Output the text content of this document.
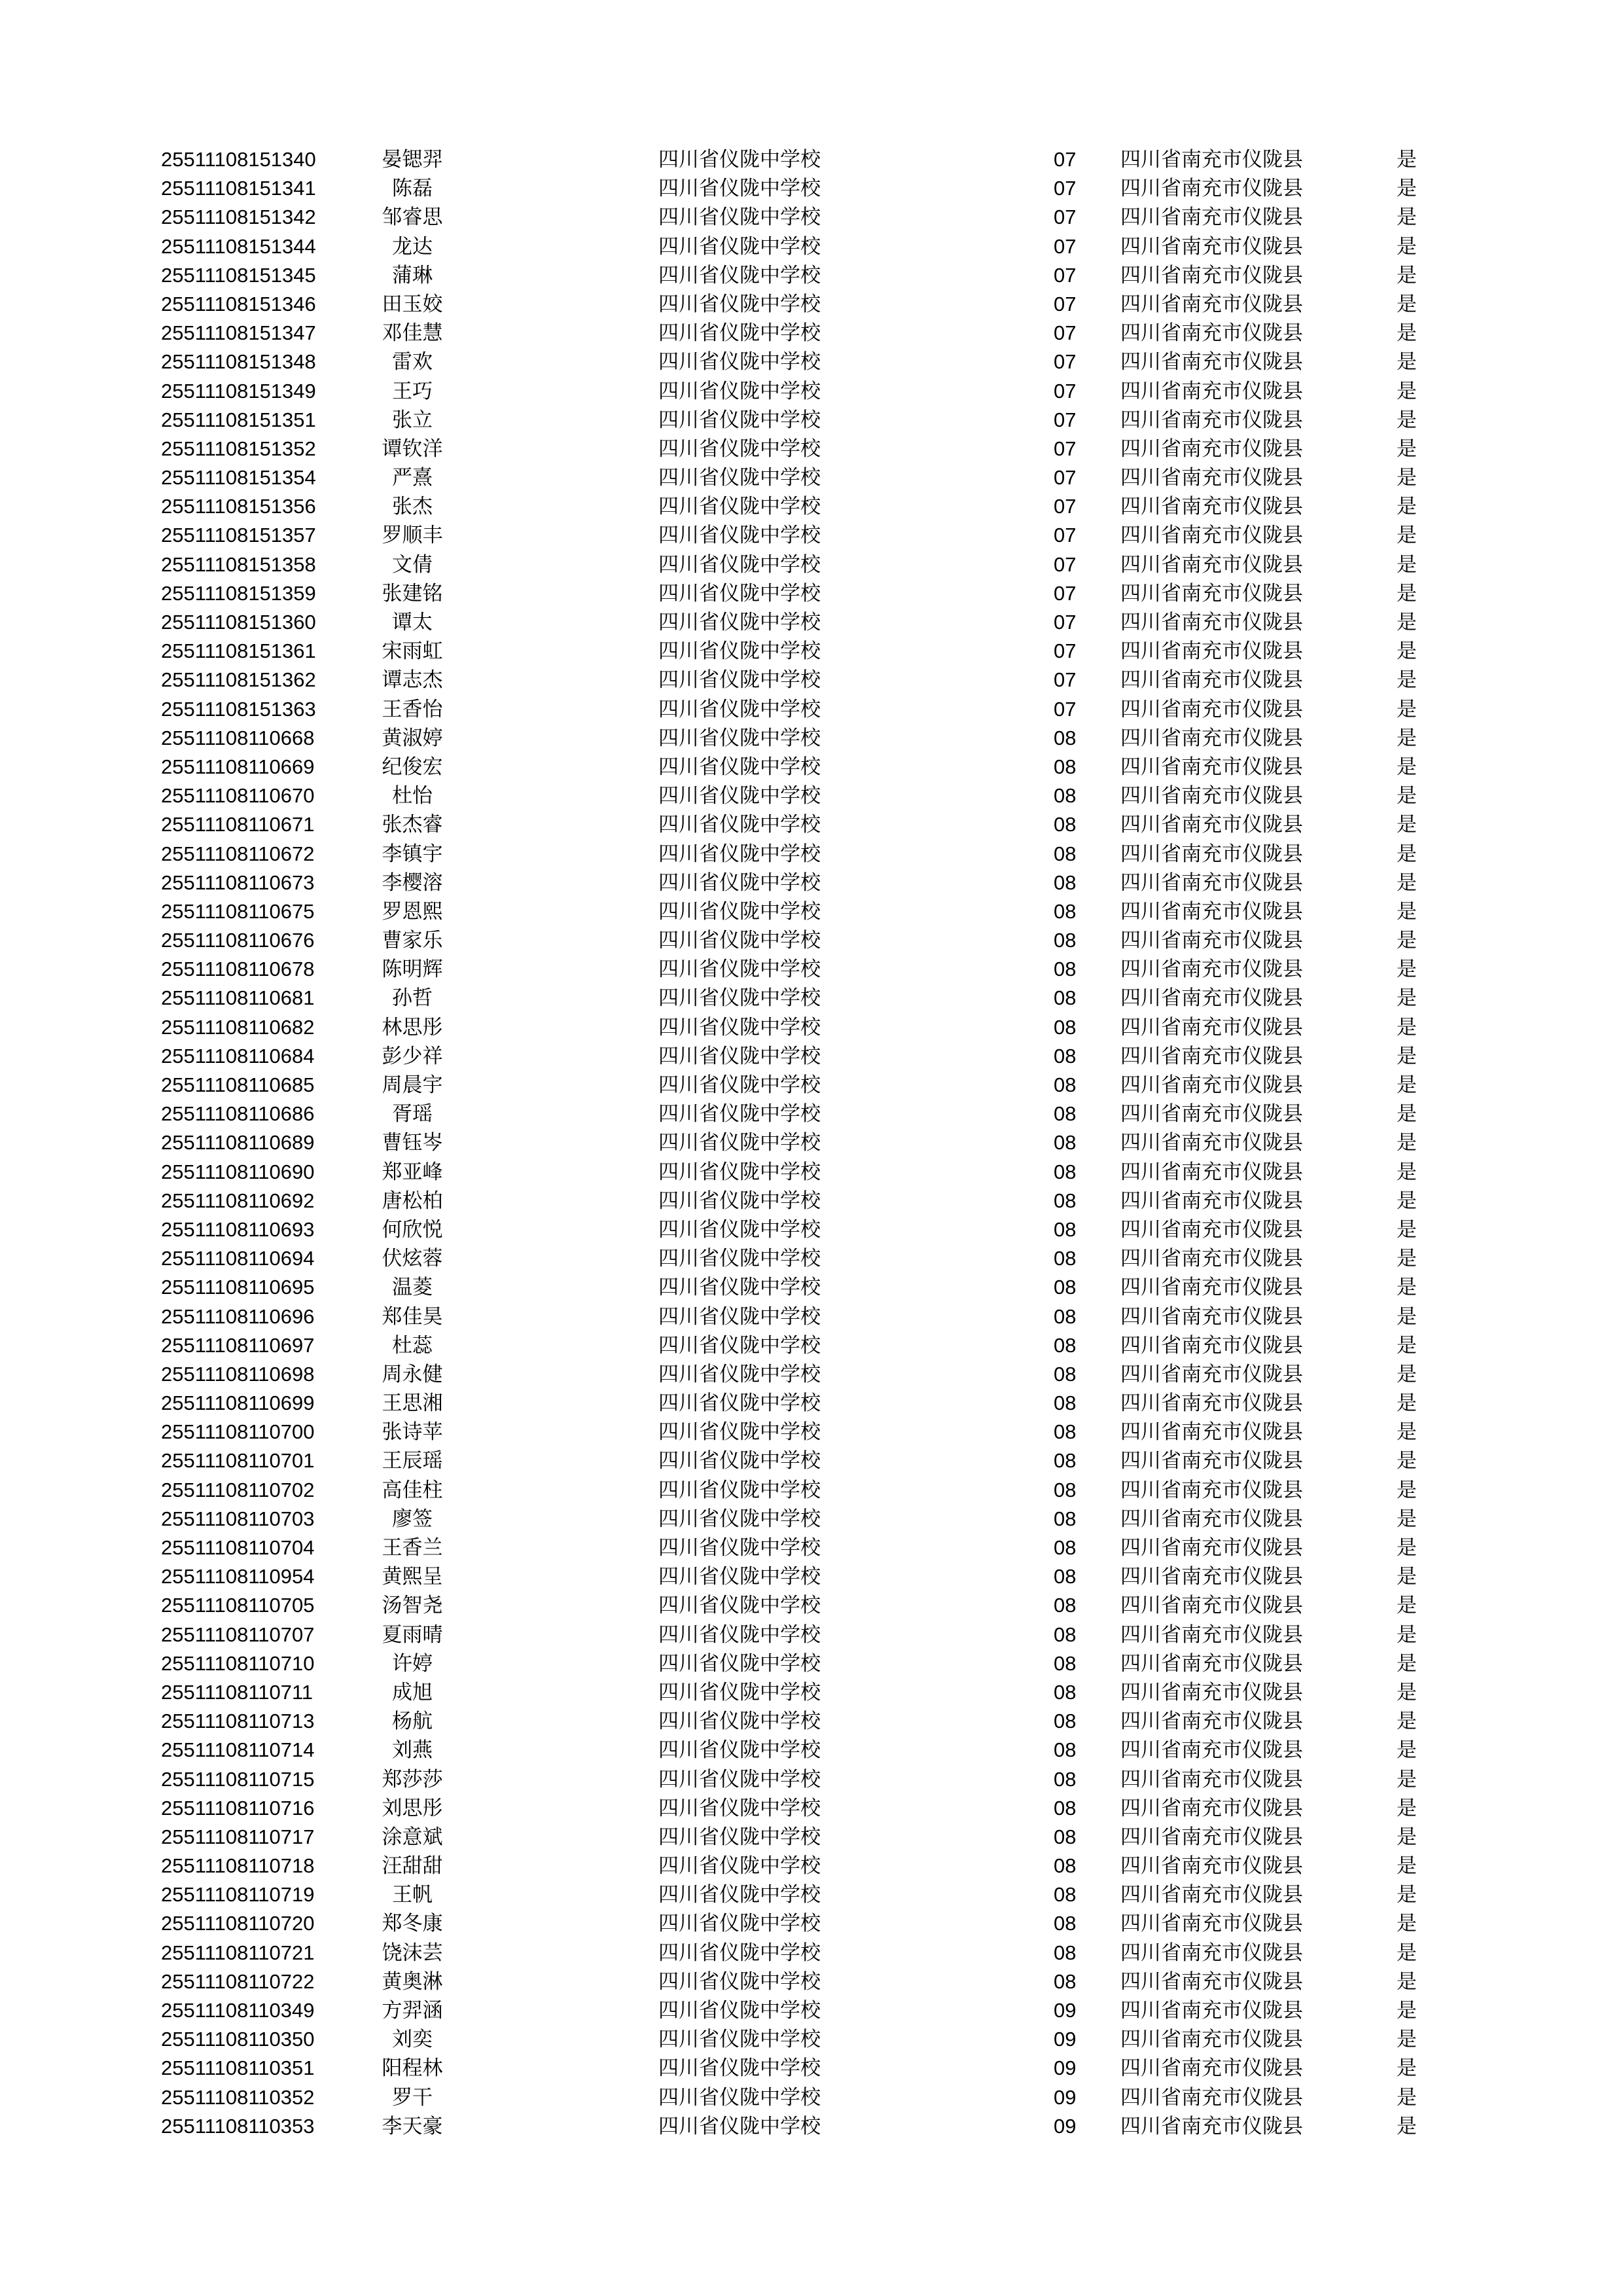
25511108151340	晏锶羿	四川省仪陇中学校	07 四川省南充市仪陇县	是
25511108151341	陈磊	四川省仪陇中学校	07 四川省南充市仪陇县	是
25511108151342	邹睿思	四川省仪陇中学校	07 四川省南充市仪陇县	是
25511108151344	龙达	四川省仪陇中学校	07 四川省南充市仪陇县	是
25511108151345	蒲琳	四川省仪陇中学校	07 四川省南充市仪陇县	是
25511108151346	田玉姣	四川省仪陇中学校	07 四川省南充市仪陇县	是
25511108151347	邓佳慧	四川省仪陇中学校	07 四川省南充市仪陇县	是
25511108151348	雷欢	四川省仪陇中学校	07 四川省南充市仪陇县	是
25511108151349	王巧	四川省仪陇中学校	07 四川省南充市仪陇县	是
25511108151351	张立	四川省仪陇中学校	07 四川省南充市仪陇县	是
25511108151352	谭钦洋	四川省仪陇中学校	07 四川省南充市仪陇县	是
25511108151354	严熹	四川省仪陇中学校	07 四川省南充市仪陇县	是
25511108151356	张杰	四川省仪陇中学校	07 四川省南充市仪陇县	是
25511108151357	罗顺丰	四川省仪陇中学校	07 四川省南充市仪陇县	是
25511108151358	文倩	四川省仪陇中学校	07 四川省南充市仪陇县	是
25511108151359	张建铭	四川省仪陇中学校	07 四川省南充市仪陇县	是
25511108151360	谭太	四川省仪陇中学校	07 四川省南充市仪陇县	是
25511108151361	宋雨虹	四川省仪陇中学校	07 四川省南充市仪陇县	是
25511108151362	谭志杰	四川省仪陇中学校	07 四川省南充市仪陇县	是
25511108151363	王香怡	四川省仪陇中学校	07 四川省南充市仪陇县	是
25511108110668	黄淑婷	四川省仪陇中学校	08 四川省南充市仪陇县	是
25511108110669	纪俊宏	四川省仪陇中学校	08 四川省南充市仪陇县	是
25511108110670	杜怡	四川省仪陇中学校	08 四川省南充市仪陇县	是
25511108110671	张杰睿	四川省仪陇中学校	08 四川省南充市仪陇县	是
25511108110672	李镇宇	四川省仪陇中学校	08 四川省南充市仪陇县	是
25511108110673	李樱溶	四川省仪陇中学校	08 四川省南充市仪陇县	是
25511108110675	罗恩熙	四川省仪陇中学校	08 四川省南充市仪陇县	是
25511108110676	曹家乐	四川省仪陇中学校	08 四川省南充市仪陇县	是
25511108110678	陈明辉	四川省仪陇中学校	08 四川省南充市仪陇县	是
25511108110681	孙哲	四川省仪陇中学校	08 四川省南充市仪陇县	是
25511108110682	林思彤	四川省仪陇中学校	08 四川省南充市仪陇县	是
25511108110684	彭少祥	四川省仪陇中学校	08 四川省南充市仪陇县	是
25511108110685	周晨宇	四川省仪陇中学校	08 四川省南充市仪陇县	是
25511108110686	胥瑶	四川省仪陇中学校	08 四川省南充市仪陇县	是
25511108110689	曹钰岑	四川省仪陇中学校	08 四川省南充市仪陇县	是
25511108110690	郑亚峰	四川省仪陇中学校	08 四川省南充市仪陇县	是
25511108110692	唐松柏	四川省仪陇中学校	08 四川省南充市仪陇县	是
25511108110693	何欣悦	四川省仪陇中学校	08 四川省南充市仪陇县	是
25511108110694	伏炫蓉	四川省仪陇中学校	08 四川省南充市仪陇县	是
25511108110695	温菱	四川省仪陇中学校	08 四川省南充市仪陇县	是
25511108110696	郑佳昊	四川省仪陇中学校	08 四川省南充市仪陇县	是
25511108110697	杜蕊	四川省仪陇中学校	08 四川省南充市仪陇县	是
25511108110698	周永健	四川省仪陇中学校	08 四川省南充市仪陇县	是
25511108110699	王思湘	四川省仪陇中学校	08 四川省南充市仪陇县	是
25511108110700	张诗苹	四川省仪陇中学校	08 四川省南充市仪陇县	是
25511108110701	王辰瑶	四川省仪陇中学校	08 四川省南充市仪陇县	是
25511108110702	高佳柱	四川省仪陇中学校	08 四川省南充市仪陇县	是
25511108110703	廖签	四川省仪陇中学校	08 四川省南充市仪陇县	是
25511108110704	王香兰	四川省仪陇中学校	08 四川省南充市仪陇县	是
25511108110954	黄熙呈	四川省仪陇中学校	08 四川省南充市仪陇县	是
25511108110705	汤智尧	四川省仪陇中学校	08 四川省南充市仪陇县	是
25511108110707	夏雨晴	四川省仪陇中学校	08 四川省南充市仪陇县	是
25511108110710	许婷	四川省仪陇中学校	08 四川省南充市仪陇县	是
25511108110711	成旭	四川省仪陇中学校	08 四川省南充市仪陇县	是
25511108110713	杨航	四川省仪陇中学校	08 四川省南充市仪陇县	是
25511108110714	刘燕	四川省仪陇中学校	08 四川省南充市仪陇县	是
25511108110715	郑莎莎	四川省仪陇中学校	08 四川省南充市仪陇县	是
25511108110716	刘思彤	四川省仪陇中学校	08 四川省南充市仪陇县	是
25511108110717	涂意斌	四川省仪陇中学校	08 四川省南充市仪陇县	是
25511108110718	汪甜甜	四川省仪陇中学校	08 四川省南充市仪陇县	是
25511108110719	王帆	四川省仪陇中学校	08 四川省南充市仪陇县	是
25511108110720	郑冬康	四川省仪陇中学校	08 四川省南充市仪陇县	是
25511108110721	饶沫芸	四川省仪陇中学校	08 四川省南充市仪陇县	是
25511108110722	黄奥淋	四川省仪陇中学校	08 四川省南充市仪陇县	是
25511108110349	方羿涵	四川省仪陇中学校	09 四川省南充市仪陇县	是
25511108110350	刘奕	四川省仪陇中学校	09 四川省南充市仪陇县	是
25511108110351	阳程林	四川省仪陇中学校	09 四川省南充市仪陇县	是
25511108110352	罗干	四川省仪陇中学校	09 四川省南充市仪陇县	是
25511108110353	李天豪	四川省仪陇中学校	09 四川省南充市仪陇县	是
